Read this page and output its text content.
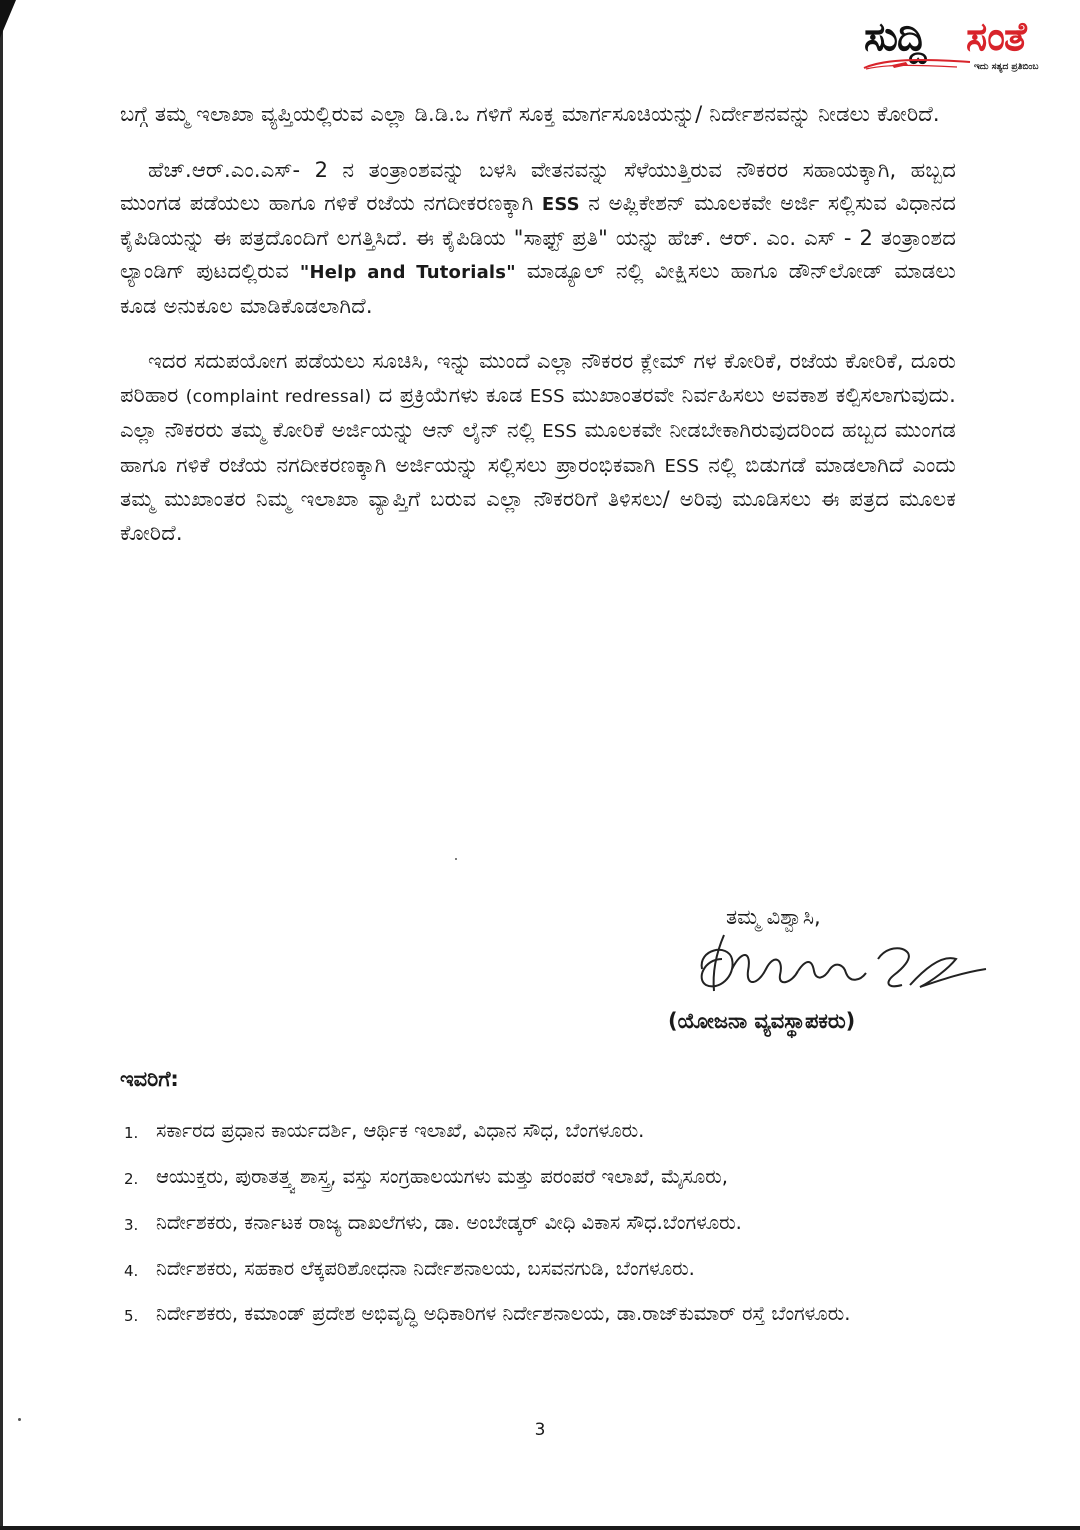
ಸುದ್ದಿ ಸಂತೆ
ಇದು ಸತ್ಯದ ಪ್ರತಿಬಿಂಬ

ಬಗ್ಗೆ ತಮ್ಮ ಇಲಾಖಾ ವ್ಯಪ್ತಿಯಲ್ಲಿರುವ ಎಲ್ಲಾ ಡಿ.ಡಿ.ಒ ಗಳಿಗೆ ಸೂಕ್ತ ಮಾರ್ಗಸೂಚಿಯನ್ನು/ ನಿರ್ದೇಶನವನ್ನು ನೀಡಲು ಕೋರಿದೆ.

ಹೆಚ್.ಆರ್.ಎಂ.ಎಸ್- 2 ನ ತಂತ್ರಾಂಶವನ್ನು ಬಳಸಿ ವೇತನವನ್ನು ಸೆಳೆಯುತ್ತಿರುವ ನೌಕರರ ಸಹಾಯಕ್ಕಾಗಿ, ಹಬ್ಬದ ಮುಂಗಡ ಪಡೆಯಲು ಹಾಗೂ ಗಳಿಕೆ ರಜೆಯ ನಗದೀಕರಣಕ್ಕಾಗಿ ESS ನ ಅಪ್ಲಿಕೇಶನ್ ಮೂಲಕವೇ ಅರ್ಜಿ ಸಲ್ಲಿಸುವ ವಿಧಾನದ ಕೈಪಿಡಿಯನ್ನು ಈ ಪತ್ರದೊಂದಿಗೆ ಲಗತ್ತಿಸಿದೆ. ಈ ಕೈಪಿಡಿಯ "ಸಾಫ್ಟ್ ಪ್ರತಿ" ಯನ್ನು ಹೆಚ್. ಆರ್. ಎಂ. ಎಸ್ - 2 ತಂತ್ರಾಂಶದ ಲ್ಯಾಂಡಿಗ್ ಪುಟದಲ್ಲಿರುವ "Help and Tutorials" ಮಾಡ್ಯೂಲ್ ನಲ್ಲಿ ವೀಕ್ಷಿಸಲು ಹಾಗೂ ಡೌನ್‌ಲೋಡ್ ಮಾಡಲು ಕೂಡ ಅನುಕೂಲ ಮಾಡಿಕೊಡಲಾಗಿದೆ.

ಇದರ ಸದುಪಯೋಗ ಪಡೆಯಲು ಸೂಚಿಸಿ, ಇನ್ನು ಮುಂದೆ ಎಲ್ಲಾ ನೌಕರರ ಕ್ಲೇಮ್ ಗಳ ಕೋರಿಕೆ, ರಜೆಯ ಕೋರಿಕೆ, ದೂರು ಪರಿಹಾರ (complaint redressal) ದ ಪ್ರಕ್ರಿಯೆಗಳು ಕೂಡ ESS ಮುಖಾಂತರವೇ ನಿರ್ವಹಿಸಲು ಅವಕಾಶ ಕಲ್ಪಿಸಲಾಗುವುದು. ಎಲ್ಲಾ ನೌಕರರು ತಮ್ಮ ಕೋರಿಕೆ ಅರ್ಜಿಯನ್ನು ಆನ್ ಲೈನ್ ನಲ್ಲಿ ESS ಮೂಲಕವೇ ನೀಡಬೇಕಾಗಿರುವುದರಿಂದ ಹಬ್ಬದ ಮುಂಗಡ ಹಾಗೂ ಗಳಿಕೆ ರಜೆಯ ನಗದೀಕರಣಕ್ಕಾಗಿ ಅರ್ಜಿಯನ್ನು ಸಲ್ಲಿಸಲು ಪ್ರಾರಂಭಿಕವಾಗಿ ESS ನಲ್ಲಿ ಬಿಡುಗಡೆ ಮಾಡಲಾಗಿದೆ ಎಂದು ತಮ್ಮ ಮುಖಾಂತರ ನಿಮ್ಮ ಇಲಾಖಾ ವ್ಯಾಪ್ತಿಗೆ ಬರುವ ಎಲ್ಲಾ ನೌಕರರಿಗೆ ತಿಳಿಸಲು/ ಅರಿವು ಮೂಡಿಸಲು ಈ ಪತ್ರದ ಮೂಲಕ ಕೋರಿದೆ.

ತಮ್ಮ ವಿಶ್ವಾಸಿ,
(ಯೋಜನಾ ವ್ಯವಸ್ಥಾಪಕರು)
ಇವರಿಗೆ:
1. ಸರ್ಕಾರದ ಪ್ರಧಾನ ಕಾರ್ಯದರ್ಶಿ, ಆರ್ಥಿಕ ಇಲಾಖೆ, ವಿಧಾನ ಸೌಧ, ಬೆಂಗಳೂರು.
2. ಆಯುಕ್ತರು, ಪುರಾತತ್ತ್ವ ಶಾಸ್ತ್ರ, ವಸ್ತು ಸಂಗ್ರಹಾಲಯಗಳು ಮತ್ತು ಪರಂಪರೆ ಇಲಾಖೆ, ಮೈಸೂರು,
3. ನಿರ್ದೇಶಕರು, ಕರ್ನಾಟಕ ರಾಜ್ಯ ದಾಖಲೆಗಳು, ಡಾ. ಅಂಬೇಡ್ಕರ್ ವೀಧಿ ವಿಕಾಸ ಸೌಧ.ಬೆಂಗಳೂರು.
4. ನಿರ್ದೇಶಕರು, ಸಹಕಾರ ಲೆಕ್ಕಪರಿಶೋಧನಾ ನಿರ್ದೇಶನಾಲಯ, ಬಸವನಗುಡಿ, ಬೆಂಗಳೂರು.
5. ನಿರ್ದೇಶಕರು, ಕಮಾಂಡ್ ಪ್ರದೇಶ ಅಭಿವೃದ್ಧಿ ಅಧಿಕಾರಿಗಳ ನಿರ್ದೇಶನಾಲಯ, ಡಾ.ರಾಜ್‌ಕುಮಾರ್ ರಸ್ತೆ ಬೆಂಗಳೂರು.
3
